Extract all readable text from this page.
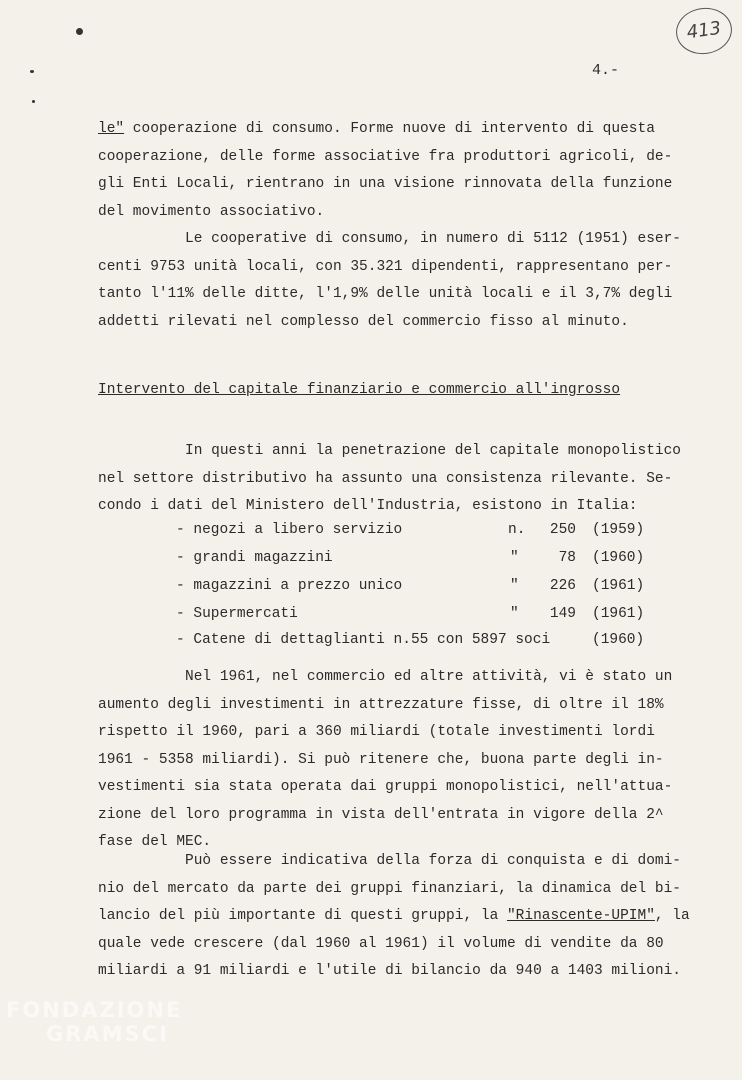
413
4.-
le" cooperazione di consumo. Forme nuove di intervento di questa
cooperazione, delle forme associative fra produttori agricoli, de-
gli Enti Locali, rientrano in una visione rinnovata della funzione
del movimento associativo.
Le cooperative di consumo, in numero di 5112 (1951) eser-
centi 9753 unità locali, con 35.321 dipendenti, rappresentano per-
tanto l'11% delle ditte, l'1,9% delle unità locali e il 3,7% degli
addetti rilevati nel complesso del commercio fisso al minuto.
Intervento del capitale finanziario e commercio all'ingrosso
In questi anni la penetrazione del capitale monopolistico
nel settore distributivo ha assunto una consistenza rilevante. Se-
condo i dati del Ministero dell'Industria, esistono in Italia:
- negozi a libero servizio	n.	250 (1959)
- grandi magazzini	"	78 (1960)
- magazzini a prezzo unico	"	226 (1961)
- Supermercati	"	149 (1961)
- Catene di dettaglianti n.55 con 5897 soci	(1960)
Nel 1961, nel commercio ed altre attività, vi è stato un
aumento degli investimenti in attrezzature fisse, di oltre il 18%
rispetto il 1960, pari a 360 miliardi (totale investimenti lordi
1961 - 5358 miliardi). Si può ritenere che, buona parte degli in-
vestimenti sia stata operata dai gruppi monopolistici, nell'attua-
zione del loro programma in vista dell'entrata in vigore della 2^
fase del MEC.
Può essere indicativa della forza di conquista e di domi-
nio del mercato da parte dei gruppi finanziari, la dinamica del bi-
lancio del più importante di questi gruppi, la "Rinascente-UPIM", la
quale vede crescere (dal 1960 al 1961) il volume di vendite da 80
miliardi a 91 miliardi e l'utile di bilancio da 940 a 1403 milioni.
FONDAZIONE
GRAMSCI
